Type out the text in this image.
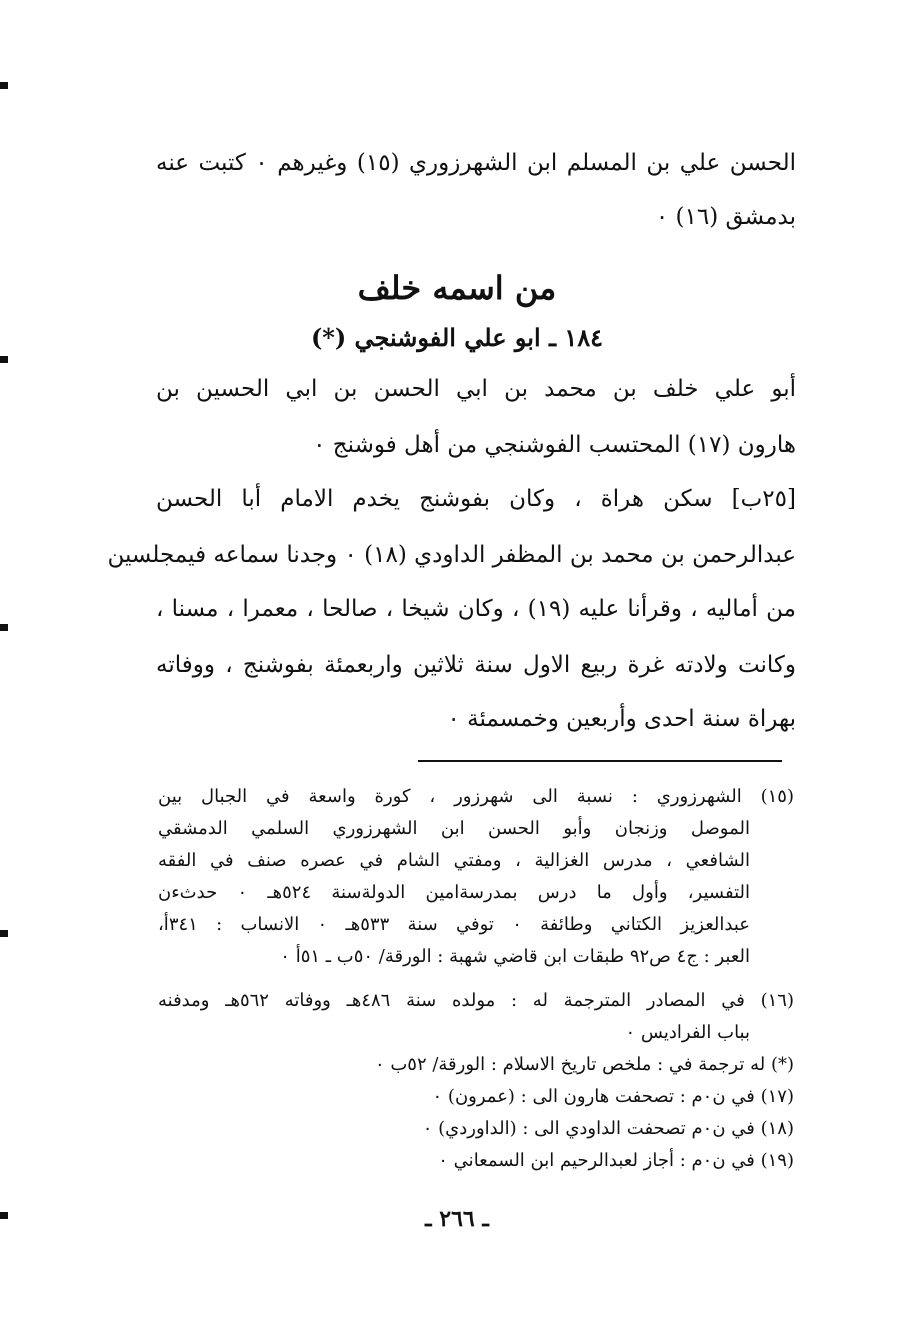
الحسن علي بن المسلم ابن الشهرزوري (١٥) وغيرهم ٠ كتبت عنه
بدمشق (١٦) ٠
من اسمه خلف
١٨٤ ـ ابو علي الفوشنجي (*)
أبو علي خلف بن محمد بن ابي الحسن بن ابي الحسين بن
هارون (١٧) المحتسب الفوشنجي من أهل فوشنج ٠
[٢٥ب] سكن هراة ، وكان بفوشنج يخدم الامام أبا الحسن
عبدالرحمن بن محمد بن المظفر الداودي (١٨) ٠ وجدنا سماعه فيمجلسين
من أماليه ، وقرأنا عليه (١٩) ، وكان شيخا ، صالحا ، معمرا ، مسنا ،
وكانت ولادته غرة ربيع الاول سنة ثلاثين واربعمئة بفوشنج ، ووفاته
بهراة سنة احدى وأربعين وخمسمئة ٠
(١٥) الشهرزوري : نسبة الى شهرزور ، كورة واسعة في الجبال بين
الموصل وزنجان وأبو الحسن ابن الشهرزوري السلمي الدمشقي
الشافعي ، مدرس الغزالية ، ومفتي الشام في عصره صنف في الفقه
التفسير، وأول ما درس بمدرسةامين الدولةسنة ٥٢٤هـ ٠ حدثءن
عبدالعزيز الكتاني وطائفة ٠ توفي سنة ٥٣٣هـ ٠ الانساب : ٣٤١أ،
العبر : ج٤ ص٩٢ طبقات ابن قاضي شهبة : الورقة/ ٥٠ب ـ ٥١أ ٠
(١٦) في المصادر المترجمة له : مولده سنة ٤٨٦هـ ووفاته ٥٦٢هـ ومدفنه
بباب الفراديس ٠
(*) له ترجمة في : ملخص تاريخ الاسلام : الورقة/ ٥٢ب ٠
(١٧) في ن٠م : تصحفت هارون الى : (عمرون) ٠
(١٨) في ن٠م تصحفت الداودي الى : (الداوردي) ٠
(١٩) في ن٠م : أجاز لعبدالرحيم ابن السمعاني ٠
ـ ٢٦٦ ـ
